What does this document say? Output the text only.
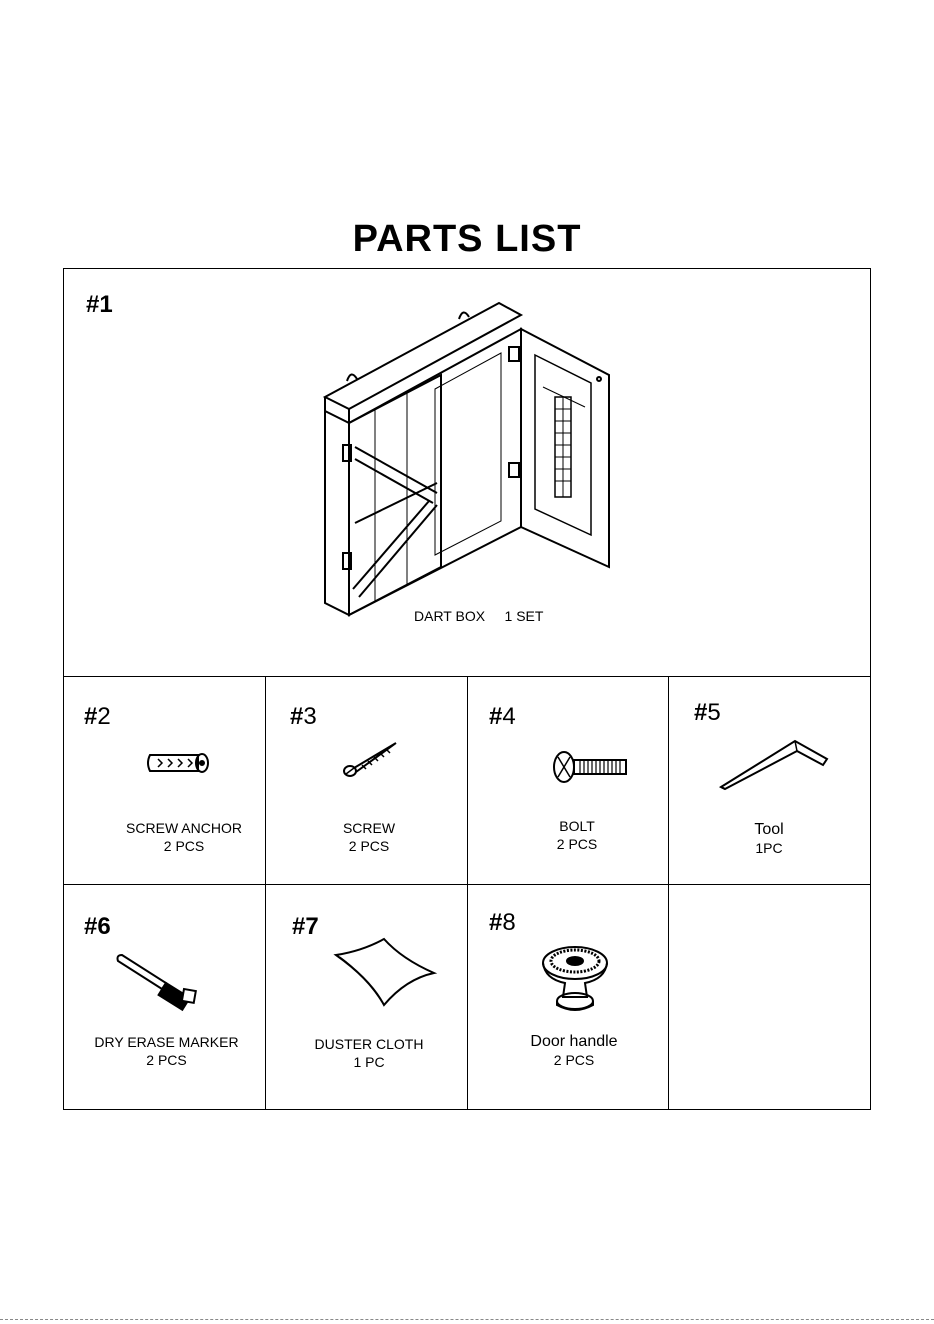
PARTS LIST
#1
DART BOX 1 SET
#2
SCREW ANCHOR
2 PCS
#3
SCREW
2 PCS
#4
BOLT
2 PCS
#5
Tool
1PC
#6
DRY ERASE MARKER
2 PCS
#7
DUSTER CLOTH
1 PC
#8
Door handle
2 PCS
